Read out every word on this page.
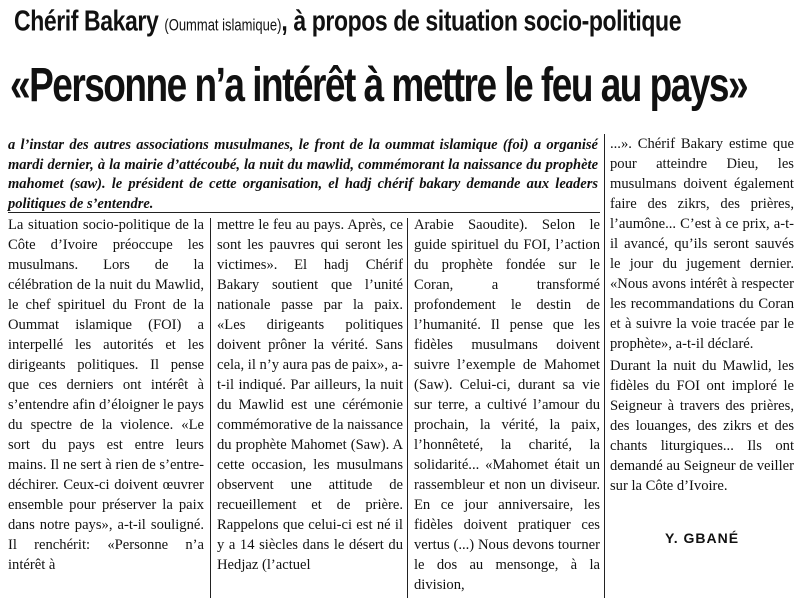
Chérif Bakary (Oummat islamique), à propos de situation socio-politique
«Personne n’a intérêt à mettre le feu au pays»
a l’instar des autres associations musulmanes, le front de la oummat islamique (foi) a organisé mardi dernier, à la mairie d’attécoubé, la nuit du mawlid, commémorant la naissance du prophète mahomet (saw). le président de cette organisation, el hadj chérif bakary demande aux leaders politiques de s’entendre.

La situation socio-politique de la Côte d’Ivoire préoccupe les musulmans. Lors de la célébration de la nuit du Mawlid, le chef spirituel du Front de la Oummat islamique (FOI) a interpellé les autorités et les dirigeants politiques. Il pense que ces derniers ont intérêt à s’entendre afin d’éloigner le pays du spectre de la violence. «Le sort du pays est entre leurs mains. Il ne sert à rien de s’entre-déchirer. Ceux-ci doivent œuvrer ensemble pour préserver la paix dans notre pays», a-t-il souligné. Il renchérit: «Personne n’a intérêt à

mettre le feu au pays. Après, ce sont les pauvres qui seront les victimes». El hadj Chérif Bakary soutient que l’unité nationale passe par la paix. «Les dirigeants politiques doivent prôner la vérité. Sans cela, il n’y aura pas de paix», a-t-il indiqué. Par ailleurs, la nuit du Mawlid est une cérémonie commémorative de la naissance du prophète Mahomet (Saw). A cette occasion, les musulmans observent une attitude de recueillement et de prière. Rappelons que celui-ci est né il y a 14 siècles dans le désert du Hedjaz (l’actuel

Arabie Saoudite). Selon le guide spirituel du FOI, l’action du prophète fondée sur le Coran, a transformé profondement le destin de l’humanité. Il pense que les fidèles musulmans doivent suivre l’exemple de Mahomet (Saw). Celui-ci, durant sa vie sur terre, a cultivé l’amour du prochain, la vérité, la paix, l’honnêteté, la charité, la solidarité... «Mahomet était un rassembleur et non un diviseur. En ce jour anniversaire, les fidèles doivent pratiquer ces vertus (...) Nous devons tourner le dos au mensonge, à la division,

...». Chérif Bakary estime que pour atteindre Dieu, les musulmans doivent également faire des zikrs, des prières, l’aumône... C’est à ce prix, a-t-il avancé, qu’ils seront sauvés le jour du jugement dernier. «Nous avons intérêt à respecter les recommandations du Coran et à suivre la voie tracée par le prophète», a-t-il déclaré.

Durant la nuit du Mawlid, les fidèles du FOI ont imploré le Seigneur à travers des prières, des louanges, des zikrs et des chants liturgiques... Ils ont demandé au Seigneur de veiller sur la Côte d’Ivoire.

Y. GBANÉ
